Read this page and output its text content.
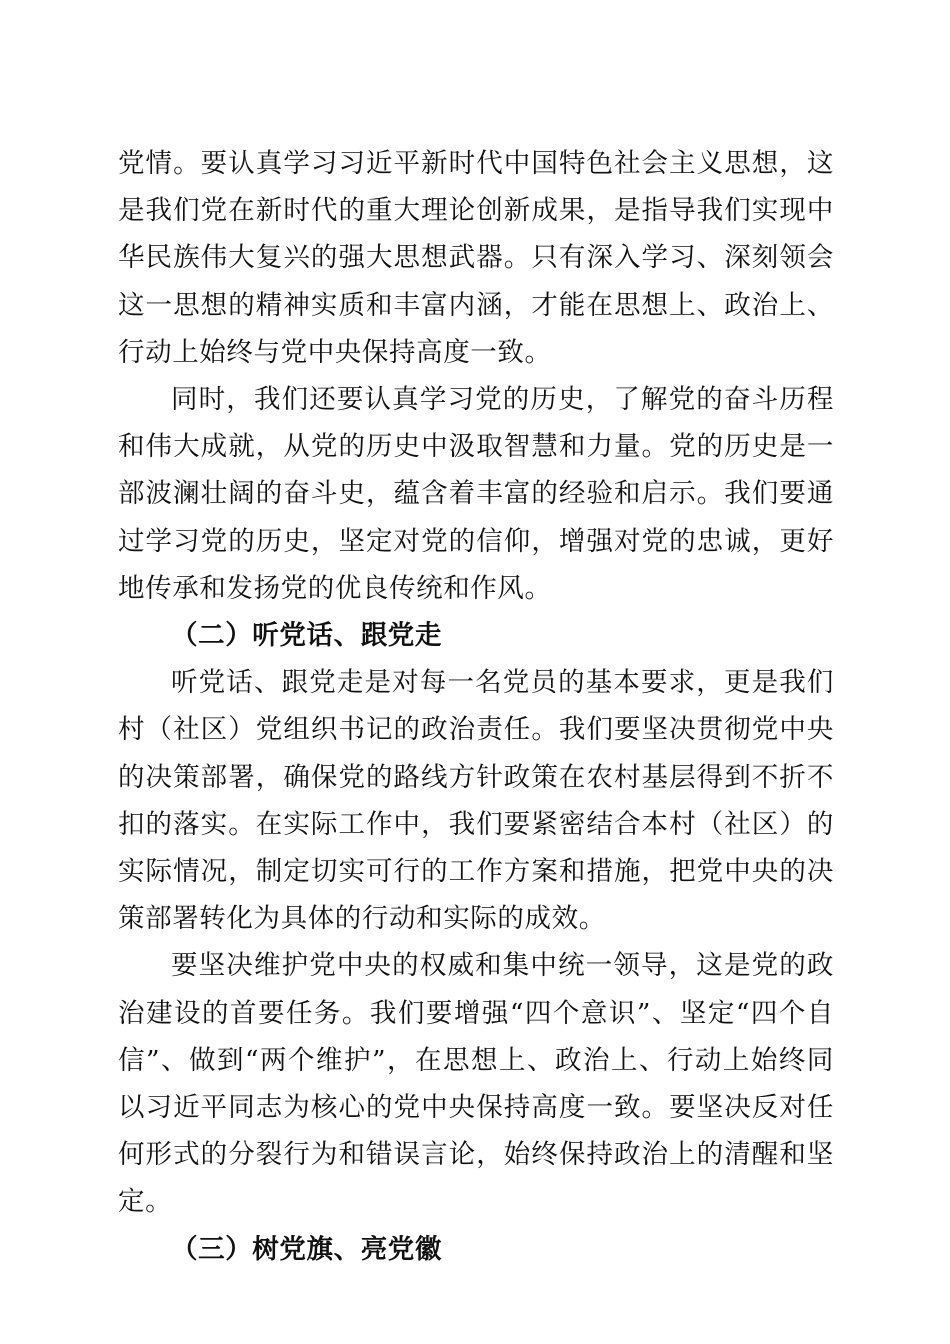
党情。要认真学习习近平新时代中国特色社会主义思想，这是我们党在新时代的重大理论创新成果，是指导我们实现中华民族伟大复兴的强大思想武器。只有深入学习、深刻领会这一思想的精神实质和丰富内涵，才能在思想上、政治上、行动上始终与党中央保持高度一致。

同时，我们还要认真学习党的历史，了解党的奋斗历程和伟大成就，从党的历史中汲取智慧和力量。党的历史是一部波澜壮阔的奋斗史，蕴含着丰富的经验和启示。我们要通过学习党的历史，坚定对党的信仰，增强对党的忠诚，更好地传承和发扬党的优良传统和作风。

（二）听党话、跟党走

听党话、跟党走是对每一名党员的基本要求，更是我们村（社区）党组织书记的政治责任。我们要坚决贯彻党中央的决策部署，确保党的路线方针政策在农村基层得到不折不扣的落实。在实际工作中，我们要紧密结合本村（社区）的实际情况，制定切实可行的工作方案和措施，把党中央的决策部署转化为具体的行动和实际的成效。

要坚决维护党中央的权威和集中统一领导，这是党的政治建设的首要任务。我们要增强“四个意识”、坚定“四个自信”、做到“两个维护”，在思想上、政治上、行动上始终同以习近平同志为核心的党中央保持高度一致。要坚决反对任何形式的分裂行为和错误言论，始终保持政治上的清醒和坚定。

（三）树党旗、亮党徽
